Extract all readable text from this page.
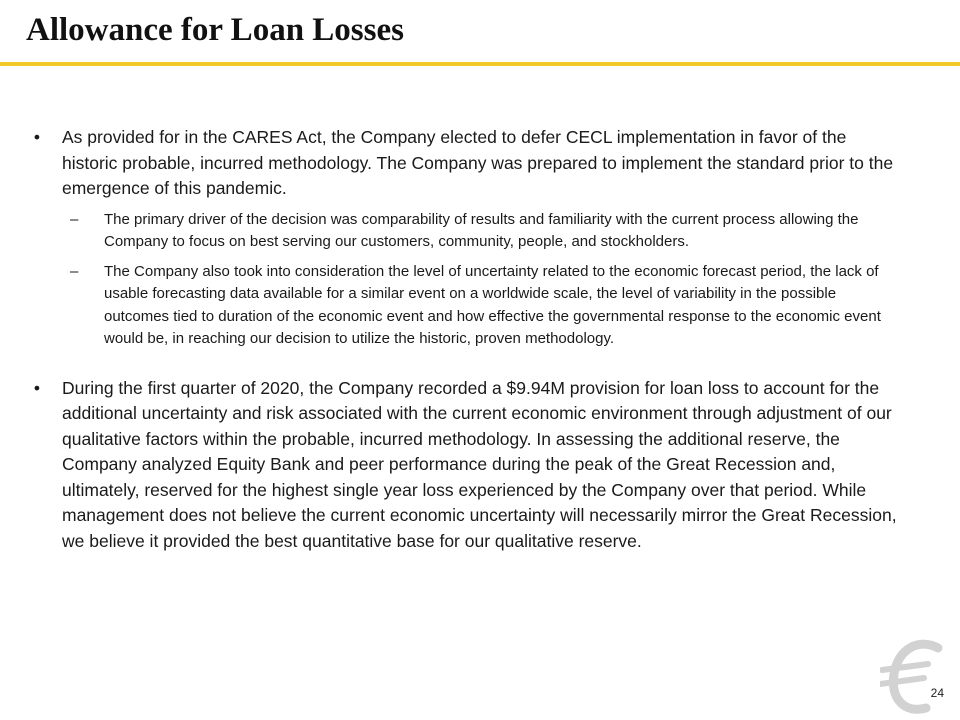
Allowance for Loan Losses
• As provided for in the CARES Act, the Company elected to defer CECL implementation in favor of the historic probable, incurred methodology. The Company was prepared to implement the standard prior to the emergence of this pandemic.
– The primary driver of the decision was comparability of results and familiarity with the current process allowing the Company to focus on best serving our customers, community, people, and stockholders.
– The Company also took into consideration the level of uncertainty related to the economic forecast period, the lack of usable forecasting data available for a similar event on a worldwide scale, the level of variability in the possible outcomes tied to duration of the economic event and how effective the governmental response to the economic event would be, in reaching our decision to utilize the historic, proven methodology.
• During the first quarter of 2020, the Company recorded a $9.94M provision for loan loss to account for the additional uncertainty and risk associated with the current economic environment through adjustment of our qualitative factors within the probable, incurred methodology. In assessing the additional reserve, the Company analyzed Equity Bank and peer performance during the peak of the Great Recession and, ultimately, reserved for the highest single year loss experienced by the Company over that period. While management does not believe the current economic uncertainty will necessarily mirror the Great Recession, we believe it provided the best quantitative base for our qualitative reserve.
24
